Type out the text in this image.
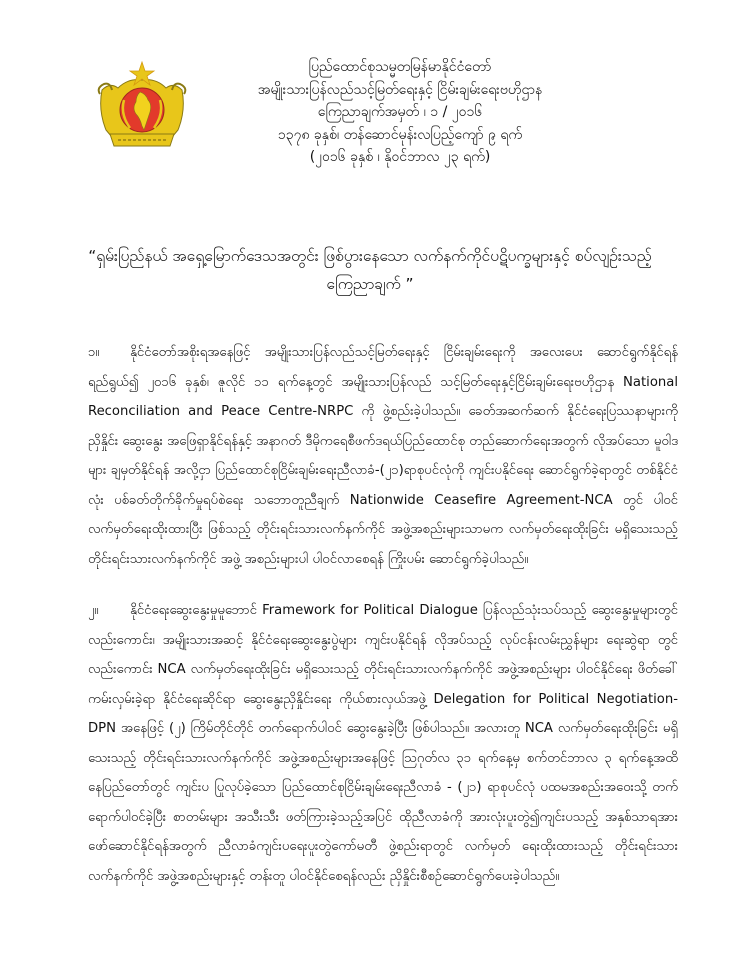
ပြည်ထောင်စုသမ္မတမြန်မာနိုင်ငံတော်
အမျိုးသားပြန်လည်သင့်မြတ်ရေးနှင့် ငြိမ်းချမ်းရေးဗဟိုဌာန
ကြေညာချက်အမှတ် ၊ ၁ / ၂၀၁၆
၁၃၇၈ ခုနှစ်၊ တန်ဆောင်မုန်းလပြည့်ကျော် ၉ ရက်
(၂၀၁၆ ခုနှစ် ၊ နိုဝင်ဘာလ ၂၃ ရက်)
“ရှမ်းပြည်နယ် အရှေ့မြောက်ဒေသအတွင်း ဖြစ်ပွားနေသော လက်နက်ကိုင်ပဋိပက္ခများနှင့် စပ်လျဉ်းသည့်
ကြေညာချက် ”
၁။ နိုင်ငံတော်အစိုးရအနေဖြင့် အမျိုးသားပြန်လည်သင့်မြတ်ရေးနှင့် ငြိမ်းချမ်းရေးကို အလေးပေး ဆောင်ရွက်နိုင်ရန် ရည်ရွယ်၍ ၂၀၁၆ ခုနှစ်၊ ဇူလိုင် ၁၁ ရက်နေ့တွင် အမျိုးသားပြန်လည် သင့်မြတ်ရေးနှင့်ငြိမ်းချမ်းရေးဗဟိုဌာန National Reconciliation and Peace Centre-NRPC ကို ဖွဲ့စည်းခဲ့ပါသည်။ ခေတ်အဆက်ဆက် နိုင်ငံရေးပြဿနာများကို ညှိနှိုင်း ဆွေးနွေး အဖြေရှာနိုင်ရန်နှင့် အနာဂတ် ဒီမိုကရေစီဖက်ဒရယ်ပြည်ထောင်စု တည်ဆောက်ရေးအတွက် လိုအပ်သော မူဝါဒများ ချမှတ်နိုင်ရန် အလို့ငှာ ပြည်ထောင်စုငြိမ်းချမ်းရေးညီလာခံ-(၂၁)ရာစုပင်လုံကို ကျင်းပနိုင်ရေး ဆောင်ရွက်ခဲ့ရာတွင် တစ်နိုင်ငံလုံး ပစ်ခတ်တိုက်ခိုက်မှုရပ်စဲရေး သဘောတူညီချက် Nationwide Ceasefire Agreement-NCA တွင် ပါဝင် လက်မှတ်ရေးထိုးထားပြီး ဖြစ်သည့် တိုင်းရင်းသားလက်နက်ကိုင် အဖွဲ့အစည်းများသာမက လက်မှတ်ရေးထိုးခြင်း မရှိသေးသည့် တိုင်းရင်းသားလက်နက်ကိုင် အဖွဲ့ အစည်းများပါ ပါဝင်လာစေရန် ကြိုးပမ်း ဆောင်ရွက်ခဲ့ပါသည်။
၂။ နိုင်ငံရေးဆွေးနွေးမှုမူဘောင် Framework for Political Dialogue ပြန်လည်သုံးသပ်သည့် ဆွေးနွေးမှုများတွင် လည်းကောင်း၊ အမျိုးသားအဆင့် နိုင်ငံရေးဆွေးနွေးပွဲများ ကျင်းပနိုင်ရန် လိုအပ်သည့် လုပ်ငန်းလမ်းညွှန်များ ရေးဆွဲရာ တွင်လည်းကောင်း NCA လက်မှတ်ရေးထိုးခြင်း မရှိသေးသည့် တိုင်းရင်းသားလက်နက်ကိုင် အဖွဲ့အစည်းများ ပါဝင်နိုင်ရေး ဖိတ်ခေါ် ကမ်းလှမ်းခဲ့ရာ နိုင်ငံရေးဆိုင်ရာ ဆွေးနွေးညှိနှိုင်းရေး ကိုယ်စားလှယ်အဖွဲ့ Delegation for Political Negotiation-DPN အနေဖြင့် (၂) ကြိမ်တိုင်တိုင် တက်ရောက်ပါဝင် ဆွေးနွေးခဲ့ပြီး ဖြစ်ပါသည်။ အလားတူ NCA လက်မှတ်ရေးထိုးခြင်း မရှိသေးသည့် တိုင်းရင်းသားလက်နက်ကိုင် အဖွဲ့အစည်းများအနေဖြင့် ဩဂုတ်လ ၃၁ ရက်နေ့မှ စက်တင်ဘာလ ၃ ရက်နေ့အထိ နေပြည်တော်တွင် ကျင်းပ ပြုလုပ်ခဲ့သော ပြည်ထောင်စုငြိမ်းချမ်းရေးညီလာခံ - (၂၁) ရာစုပင်လုံ ပထမအစည်းအဝေးသို့ တက်ရောက်ပါဝင်ခဲ့ပြီး စာတမ်းများ အသီးသီး ဖတ်ကြားခဲ့သည့်အပြင် ထိုညီလာခံကို အားလုံးပူးတွဲ၍ကျင်းပသည့် အနှစ်သာရအား ဖော်ဆောင်နိုင်ရန်အတွက် ညီလာခံကျင်းပရေးပူးတွဲကော်မတီ ဖွဲ့စည်းရာတွင် လက်မှတ် ရေးထိုးထားသည့် တိုင်းရင်းသား လက်နက်ကိုင် အဖွဲ့အစည်းများနှင့် တန်းတူ ပါဝင်နိုင်စေရန်လည်း ညှိနှိုင်းစီစဉ်ဆောင်ရွက်ပေးခဲ့ပါသည်။
